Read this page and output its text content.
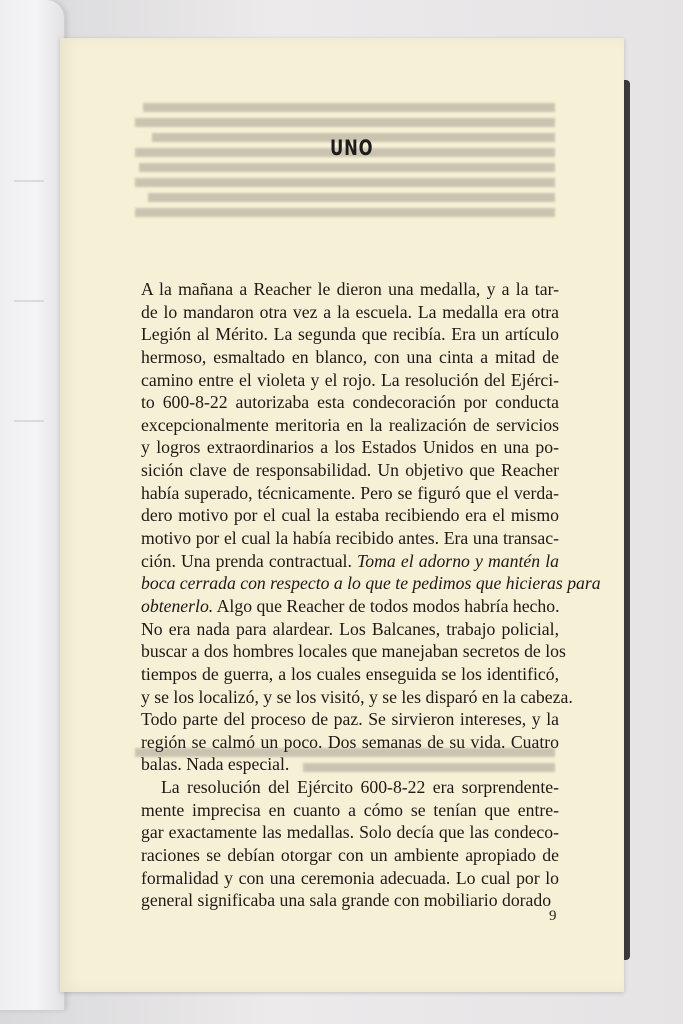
UNO
A la mañana a Reacher le dieron una medalla, y a la tar-
de lo mandaron otra vez a la escuela. La medalla era otra
Legión al Mérito. La segunda que recibía. Era un artículo
hermoso, esmaltado en blanco, con una cinta a mitad de
camino entre el violeta y el rojo. La resolución del Ejérci-
to 600-8-22 autorizaba esta condecoración por conducta
excepcionalmente meritoria en la realización de servicios
y logros extraordinarios a los Estados Unidos en una po-
sición clave de responsabilidad. Un objetivo que Reacher
había superado, técnicamente. Pero se figuró que el verda-
dero motivo por el cual la estaba recibiendo era el mismo
motivo por el cual la había recibido antes. Era una transac-
ción. Una prenda contractual. Toma el adorno y mantén la
boca cerrada con respecto a lo que te pedimos que hicieras para
obtenerlo. Algo que Reacher de todos modos habría hecho.
No era nada para alardear. Los Balcanes, trabajo policial,
buscar a dos hombres locales que manejaban secretos de los
tiempos de guerra, a los cuales enseguida se los identificó,
y se los localizó, y se los visitó, y se les disparó en la cabeza.
Todo parte del proceso de paz. Se sirvieron intereses, y la
región se calmó un poco. Dos semanas de su vida. Cuatro
balas. Nada especial.
La resolución del Ejército 600-8-22 era sorprendente-
mente imprecisa en cuanto a cómo se tenían que entre-
gar exactamente las medallas. Solo decía que las condeco-
raciones se debían otorgar con un ambiente apropiado de
formalidad y con una ceremonia adecuada. Lo cual por lo
general significaba una sala grande con mobiliario dorado
9
